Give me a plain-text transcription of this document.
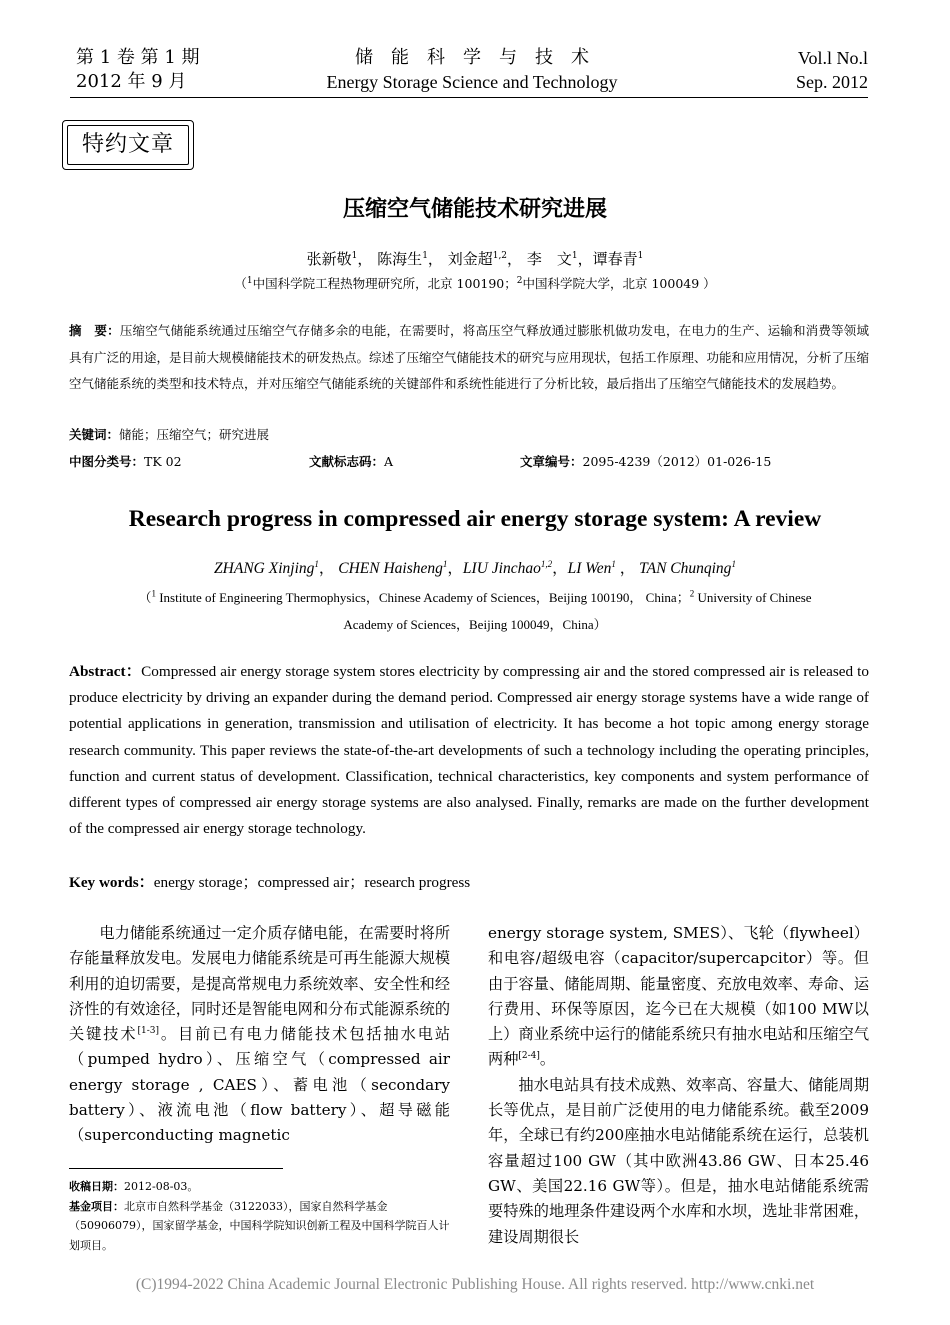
第 1 卷 第 1 期
2012 年 9 月
储　能　科　学　与　技　术
Energy Storage Science and Technology
Vol.l No.l
Sep. 2012
特约文章
压缩空气储能技术研究进展
张新敬$^1$， 陈海生$^1$， 刘金超$^{1,2}$， 李　文$^1$，谭春青$^1$
（$^1$中国科学院工程热物理研究所，北京 100190；$^2$中国科学院大学，北京 100049 ）
摘　要：压缩空气储能系统通过压缩空气存储多余的电能，在需要时，将高压空气释放通过膨胀机做功发电，在电力的生产、运输和消费等领域具有广泛的用途，是目前大规模储能技术的研发热点。综述了压缩空气储能技术的研究与应用现状，包括工作原理、功能和应用情况，分析了压缩空气储能系统的类型和技术特点，并对压缩空气储能系统的关键部件和系统性能进行了分析比较，最后指出了压缩空气储能技术的发展趋势。
关键词：储能；压缩空气；研究进展
中图分类号：TK 02	文献标志码：A	文章编号：2095-4239（2012）01-026-15
Research progress in compressed air energy storage system: A review
ZHANG Xinjing$^1$， CHEN Haisheng$^1$，LIU Jinchao$^{1,2}$，LI Wen$^1$ ， TAN Chunqing$^1$
（$^1$ Institute of Engineering Thermophysics，Chinese Academy of Sciences，Beijing 100190， China；$^2$ University of Chinese
Academy of Sciences，Beijing 100049，China）
Abstract：Compressed air energy storage system stores electricity by compressing air and the stored compressed air is released to produce electricity by driving an expander during the demand period. Compressed air energy storage systems have a wide range of potential applications in generation, transmission and utilisation of electricity. It has become a hot topic among energy storage research community. This paper reviews the state-of-the-art developments of such a technology including the operating principles, function and current status of development. Classification, technical characteristics, key components and system performance of different types of compressed air energy storage systems are also analysed. Finally, remarks are made on the further development of the compressed air energy storage technology.
Key words：energy storage；compressed air；research progress
电力储能系统通过一定介质存储电能，在需要时将所存能量释放发电。发展电力储能系统是可再生能源大规模利用的迫切需要，是提高常规电力系统效率、安全性和经济性的有效途径，同时还是智能电网和分布式能源系统的关键技术[1-3]。目前已有电力储能技术包括抽水电站（pumped hydro）、压缩空气（compressed air energy storage , CAES）、蓄电池（secondary battery）、液流电池（flow battery）、超导磁能（superconducting magnetic
energy storage system, SMES）、飞轮（flywheel）和电容/超级电容（capacitor/supercapcitor）等。但由于容量、储能周期、能量密度、充放电效率、寿命、运行费用、环保等原因，迄今已在大规模（如100 MW以上）商业系统中运行的储能系统只有抽水电站和压缩空气两种[2-4]。
抽水电站具有技术成熟、效率高、容量大、储能周期长等优点，是目前广泛使用的电力储能系统。截至2009年，全球已有约200座抽水电站储能系统在运行，总装机容量超过100 GW（其中欧洲43.86 GW、日本25.46 GW、美国22.16 GW等）。但是，抽水电站储能系统需要特殊的地理条件建设两个水库和水坝，选址非常困难，建设周期很长
收稿日期：2012-08-03。
基金项目：北京市自然科学基金（3122033），国家自然科学基金（50906079），国家留学基金，中国科学院知识创新工程及中国科学院百人计划项目。
(C)1994-2022 China Academic Journal Electronic Publishing House. All rights reserved. http://www.cnki.net
